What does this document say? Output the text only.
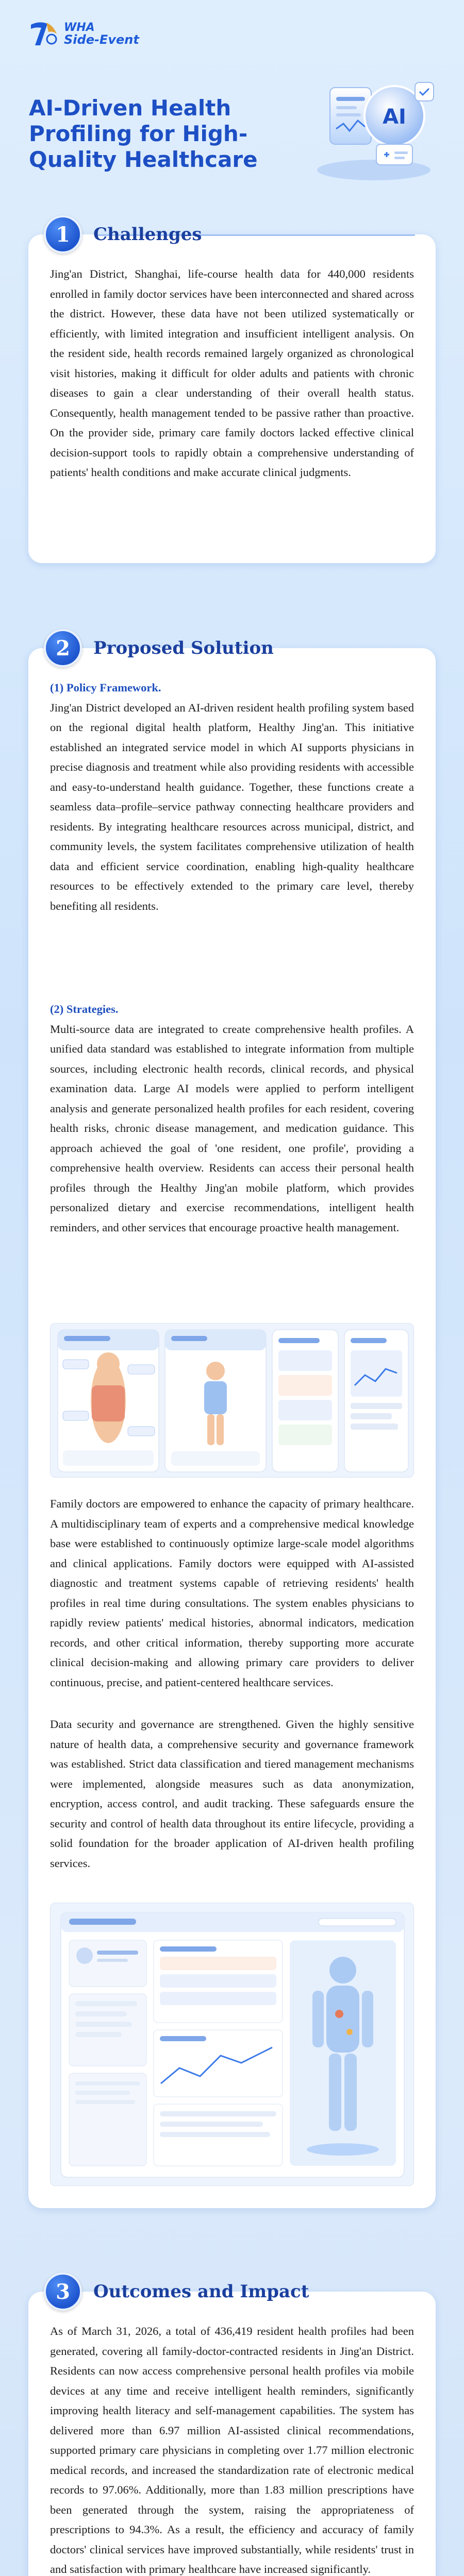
WHA
Side-Event
AI-Driven Health Profiling for High-Quality Healthcare
AI
1	Challenges
Jing'an District, Shanghai, life-course health data for 440,000 residents enrolled in family doctor services have been interconnected and shared across the district. However, these data have not been utilized systematically or efficiently, with limited integration and insufficient intelligent analysis. On the resident side, health records remained largely organized as chronological visit histories, making it difficult for older adults and patients with chronic diseases to gain a clear understanding of their overall health status. Consequently, health management tended to be passive rather than proactive. On the provider side, primary care family doctors lacked effective clinical decision-support tools to rapidly obtain a comprehensive understanding of patients' health conditions and make accurate clinical judgments.
2	Proposed Solution
(1) Policy Framework.
Jing'an District developed an AI-driven resident health profiling system based on the regional digital health platform, Healthy Jing'an. This initiative established an integrated service model in which AI supports physicians in precise diagnosis and treatment while also providing residents with accessible and easy-to-understand health guidance. Together, these functions create a seamless data–profile–service pathway connecting healthcare providers and residents. By integrating healthcare resources across municipal, district, and community levels, the system facilitates comprehensive utilization of health data and efficient service coordination, enabling high-quality healthcare resources to be effectively extended to the primary care level, thereby benefiting all residents.
(2) Strategies.
Multi-source data are integrated to create comprehensive health profiles. A unified data standard was established to integrate information from multiple sources, including electronic health records, clinical records, and physical examination data. Large AI models were applied to perform intelligent analysis and generate personalized health profiles for each resident, covering health risks, chronic disease management, and medication guidance. This approach achieved the goal of 'one resident, one profile', providing a comprehensive health overview. Residents can access their personal health profiles through the Healthy Jing'an mobile platform, which provides personalized dietary and exercise recommendations, intelligent health reminders, and other services that encourage proactive health management.
Family doctors are empowered to enhance the capacity of primary healthcare. A multidisciplinary team of experts and a comprehensive medical knowledge base were established to continuously optimize large-scale model algorithms and clinical applications. Family doctors were equipped with AI-assisted diagnostic and treatment systems capable of retrieving residents' health profiles in real time during consultations. The system enables physicians to rapidly review patients' medical histories, abnormal indicators, medication records, and other critical information, thereby supporting more accurate clinical decision-making and allowing primary care providers to deliver continuous, precise, and patient-centered healthcare services.
Data security and governance are strengthened. Given the highly sensitive nature of health data, a comprehensive security and governance framework was established. Strict data classification and tiered management mechanisms were implemented, alongside measures such as data anonymization, encryption, access control, and audit tracking. These safeguards ensure the security and control of health data throughout its entire lifecycle, providing a solid foundation for the broader application of AI-driven health profiling services.
3	Outcomes and Impact
As of March 31, 2026, a total of 436,419 resident health profiles had been generated, covering all family-doctor-contracted residents in Jing'an District. Residents can now access comprehensive personal health profiles via mobile devices at any time and receive intelligent health reminders, significantly improving health literacy and self-management capabilities. The system has delivered more than 6.97 million AI-assisted clinical recommendations, supported primary care physicians in completing over 1.77 million electronic medical records, and increased the standardization rate of electronic medical records to 97.06%. Additionally, more than 1.83 million prescriptions have been generated through the system, raising the appropriateness of prescriptions to 94.3%. As a result, the efficiency and accuracy of family doctors' clinical services have improved substantially, while residents' trust in and satisfaction with primary healthcare have increased significantly.
